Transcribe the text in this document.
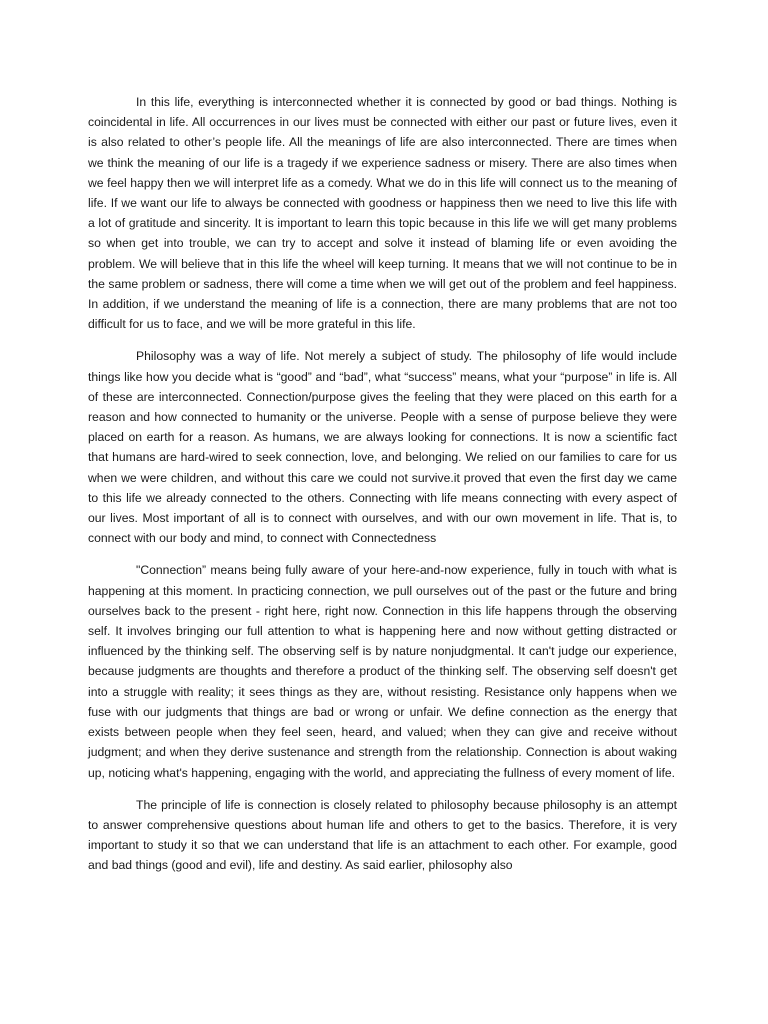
In this life, everything is interconnected whether it is connected by good or bad things. Nothing is coincidental in life. All occurrences in our lives must be connected with either our past or future lives, even it is also related to other’s people life. All the meanings of life are also interconnected. There are times when we think the meaning of our life is a tragedy if we experience sadness or misery. There are also times when we feel happy then we will interpret life as a comedy. What we do in this life will connect us to the meaning of life. If we want our life to always be connected with goodness or happiness then we need to live this life with a lot of gratitude and sincerity. It is important to learn this topic because in this life we will get many problems so when get into trouble, we can try to accept and solve it instead of blaming life or even avoiding the problem. We will believe that in this life the wheel will keep turning. It means that we will not continue to be in the same problem or sadness, there will come a time when we will get out of the problem and feel happiness. In addition, if we understand the meaning of life is a connection, there are many problems that are not too difficult for us to face, and we will be more grateful in this life.

Philosophy was a way of life. Not merely a subject of study. The philosophy of life would include things like how you decide what is “good” and “bad”, what “success” means, what your “purpose” in life is. All of these are interconnected. Connection/purpose gives the feeling that they were placed on this earth for a reason and how connected to humanity or the universe. People with a sense of purpose believe they were placed on earth for a reason. As humans, we are always looking for connections. It is now a scientific fact that humans are hard-wired to seek connection, love, and belonging. We relied on our families to care for us when we were children, and without this care we could not survive.it proved that even the first day we came to this life we already connected to the others. Connecting with life means connecting with every aspect of our lives. Most important of all is to connect with ourselves, and with our own movement in life. That is, to connect with our body and mind, to connect with Connectedness

"Connection” means being fully aware of your here-and-now experience, fully in touch with what is happening at this moment. In practicing connection, we pull ourselves out of the past or the future and bring ourselves back to the present - right here, right now. Connection in this life happens through the observing self. It involves bringing our full attention to what is happening here and now without getting distracted or influenced by the thinking self. The observing self is by nature nonjudgmental. It can't judge our experience, because judgments are thoughts and therefore a product of the thinking self. The observing self doesn't get into a struggle with reality; it sees things as they are, without resisting. Resistance only happens when we fuse with our judgments that things are bad or wrong or unfair. We define connection as the energy that exists between people when they feel seen, heard, and valued; when they can give and receive without judgment; and when they derive sustenance and strength from the relationship. Connection is about waking up, noticing what's happening, engaging with the world, and appreciating the fullness of every moment of life.

The principle of life is connection is closely related to philosophy because philosophy is an attempt to answer comprehensive questions about human life and others to get to the basics. Therefore, it is very important to study it so that we can understand that life is an attachment to each other. For example, good and bad things (good and evil), life and destiny. As said earlier, philosophy also
